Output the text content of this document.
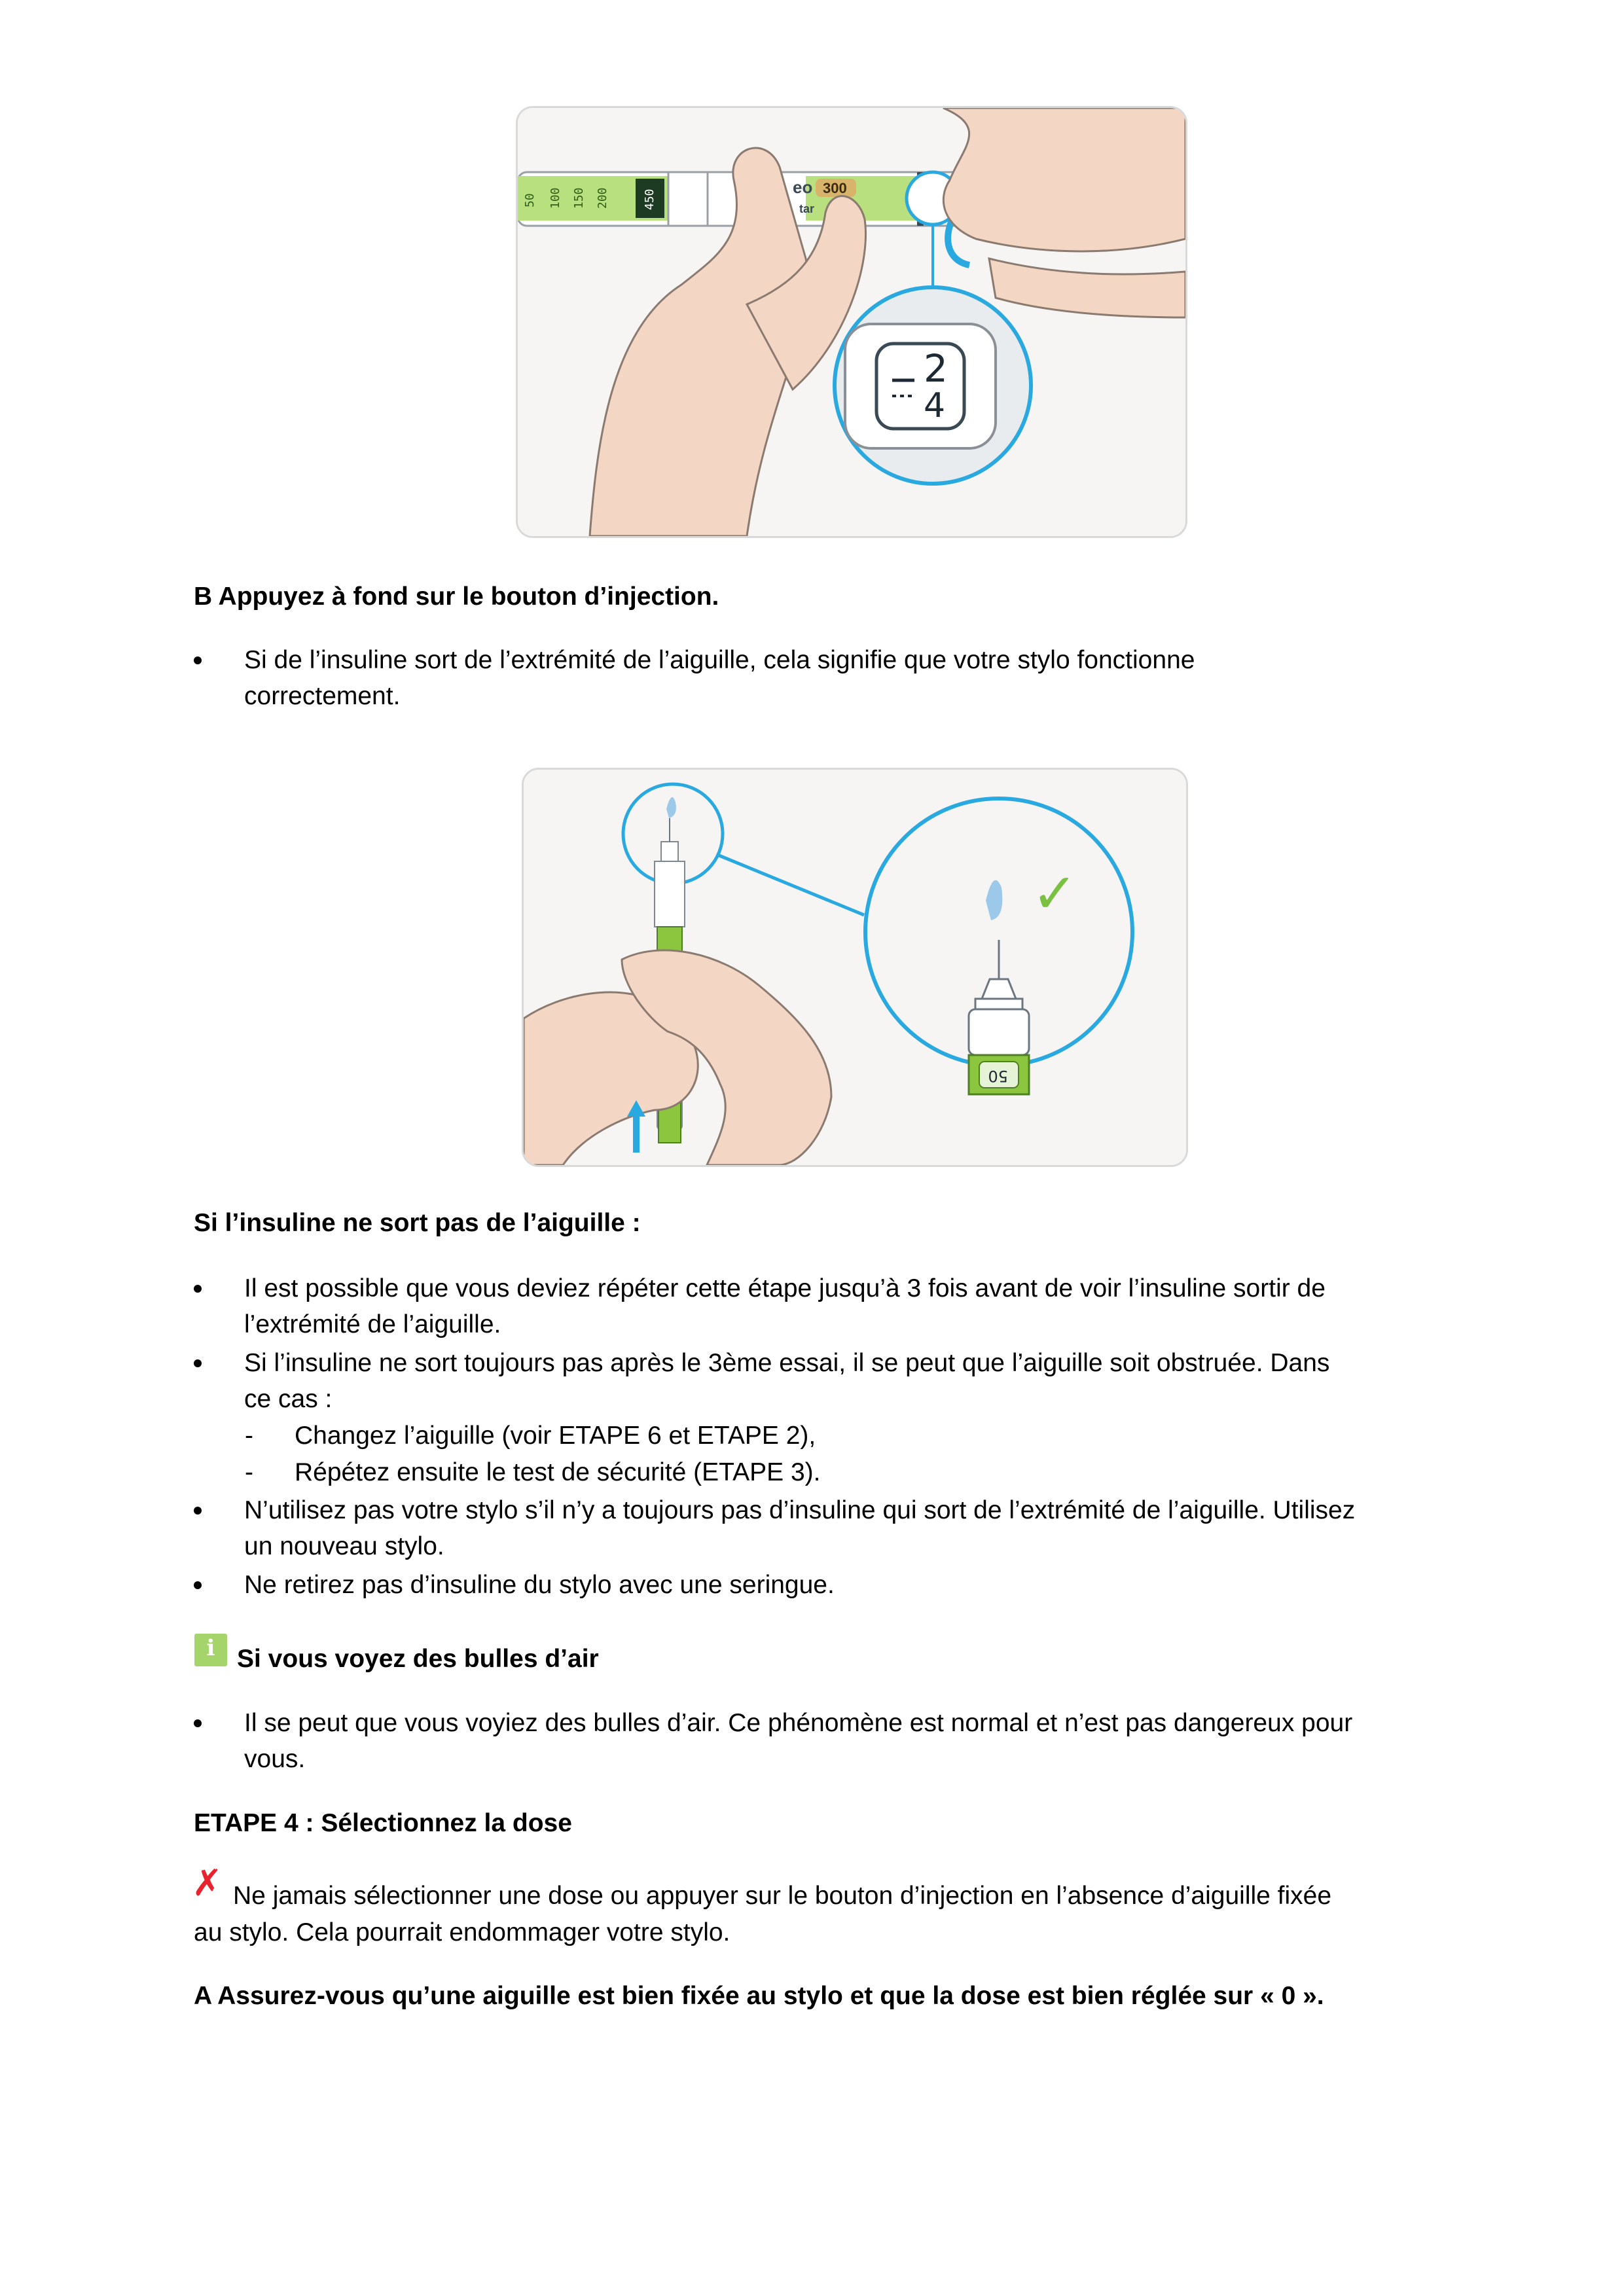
50 100 150 200	450
eo 300
tar
2
4
B Appuyez à fond sur le bouton d’injection.
Si de l’insuline sort de l’extrémité de l’aiguille, cela signifie que votre stylo fonctionne
correctement.
50
✓
Si l’insuline ne sort pas de l’aiguille :
Il est possible que vous deviez répéter cette étape jusqu’à 3 fois avant de voir l’insuline sortir de
l’extrémité de l’aiguille.
Si l’insuline ne sort toujours pas après le 3ème essai, il se peut que l’aiguille soit obstruée. Dans
ce cas :
- Changez l’aiguille (voir ETAPE 6 et ETAPE 2),
- Répétez ensuite le test de sécurité (ETAPE 3).
N’utilisez pas votre stylo s’il n’y a toujours pas d’insuline qui sort de l’extrémité de l’aiguille. Utilisez
un nouveau stylo.
Ne retirez pas d’insuline du stylo avec une seringue.
i Si vous voyez des bulles d’air
Il se peut que vous voyiez des bulles d’air. Ce phénomène est normal et n’est pas dangereux pour
vous.
ETAPE 4 : Sélectionnez la dose
✗ Ne jamais sélectionner une dose ou appuyer sur le bouton d’injection en l’absence d’aiguille fixée
au stylo. Cela pourrait endommager votre stylo.
A Assurez-vous qu’une aiguille est bien fixée au stylo et que la dose est bien réglée sur « 0 ».
